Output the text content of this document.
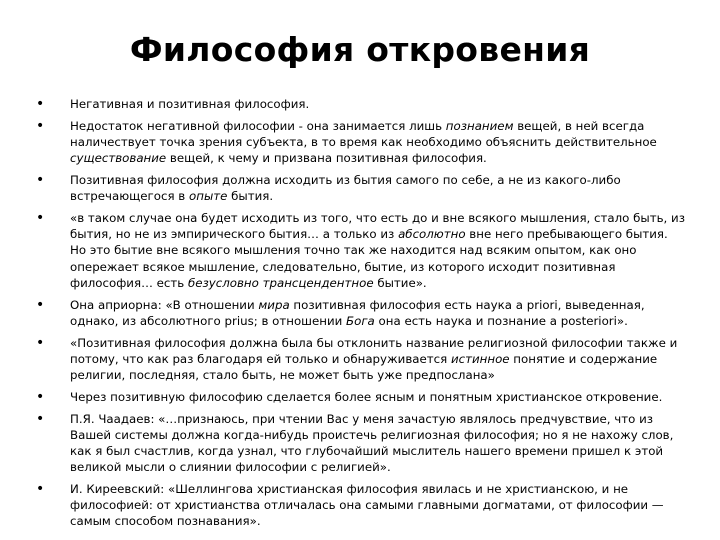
Философия откровения
• Негативная и позитивная философия.
• Недостаток негативной философии - она занимается лишь познанием вещей, в ней всегда наличествует точка зрения субъекта, в то время как необходимо объяснить действительное существование вещей, к чему и призвана позитивная философия.
• Позитивная философия должна исходить из бытия самого по себе, а не из какого-либо встречающегося в опыте бытия.
• «в таком случае она будет исходить из того, что есть до и вне всякого мышления, стало быть, из бытия, но не из эмпирического бытия… а только из абсолютно вне него пребывающего бытия. Но это бытие вне всякого мышления точно так же находится над всяким опытом, как оно опережает всякое мышление, следовательно, бытие, из которого исходит позитивная философия… есть безусловно трансцендентное бытие».
• Она априорна: «В отношении мира позитивная философия есть наука a priori, выведенная, однако, из абсолютного prius; в отношении Бога она есть наука и познание a posteriori».
• «Позитивная философия должна была бы отклонить название религиозной философии также и потому, что как раз благодаря ей только и обнаруживается истинное понятие и содержание религии, последняя, стало быть, не может быть уже предпослана»
• Через позитивную философию сделается более ясным и понятным христианское откровение.
• П.Я. Чаадаев: «…признаюсь, при чтении Вас у меня зачастую являлось предчувствие, что из Вашей системы должна когда-нибудь проистечь религиозная философия; но я не нахожу слов, как я был счастлив, когда узнал, что глубочайший мыслитель нашего времени пришел к этой великой мысли о слиянии философии с религией».
• И. Киреевский: «Шеллингова христианская философия явилась и не христианскою, и не философией: от христианства отличалась она самыми главными догматами, от философии — самым способом познавания».
